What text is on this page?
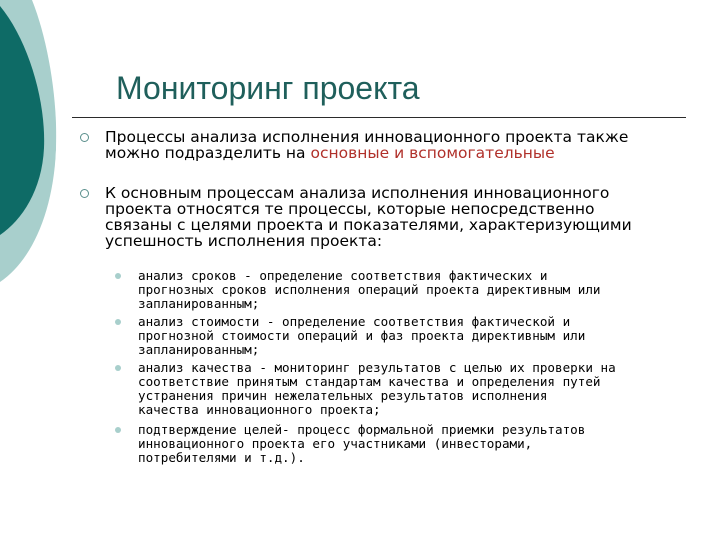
Мониторинг проекта
Процессы анализа исполнения инновационного проекта также
можно подразделить на основные и вспомогательные
К основным процессам анализа исполнения инновационного
проекта относятся те процессы, которые непосредственно
связаны с целями проекта и показателями, характеризующими
успешность исполнения проекта:
анализ сроков - определение соответствия фактических и
прогнозных сроков исполнения операций проекта директивным или
запланированным;
анализ стоимости - определение соответствия фактической и
прогнозной стоимости операций и фаз проекта директивным или
запланированным;
анализ качества - мониторинг результатов с целью их проверки на
соответствие принятым стандартам качества и определения путей
устранения причин нежелательных результатов исполнения
качества инновационного проекта;
подтверждение целей- процесс формальной приемки результатов
инновационного проекта его участниками (инвесторами,
потребителями и т.д.).
